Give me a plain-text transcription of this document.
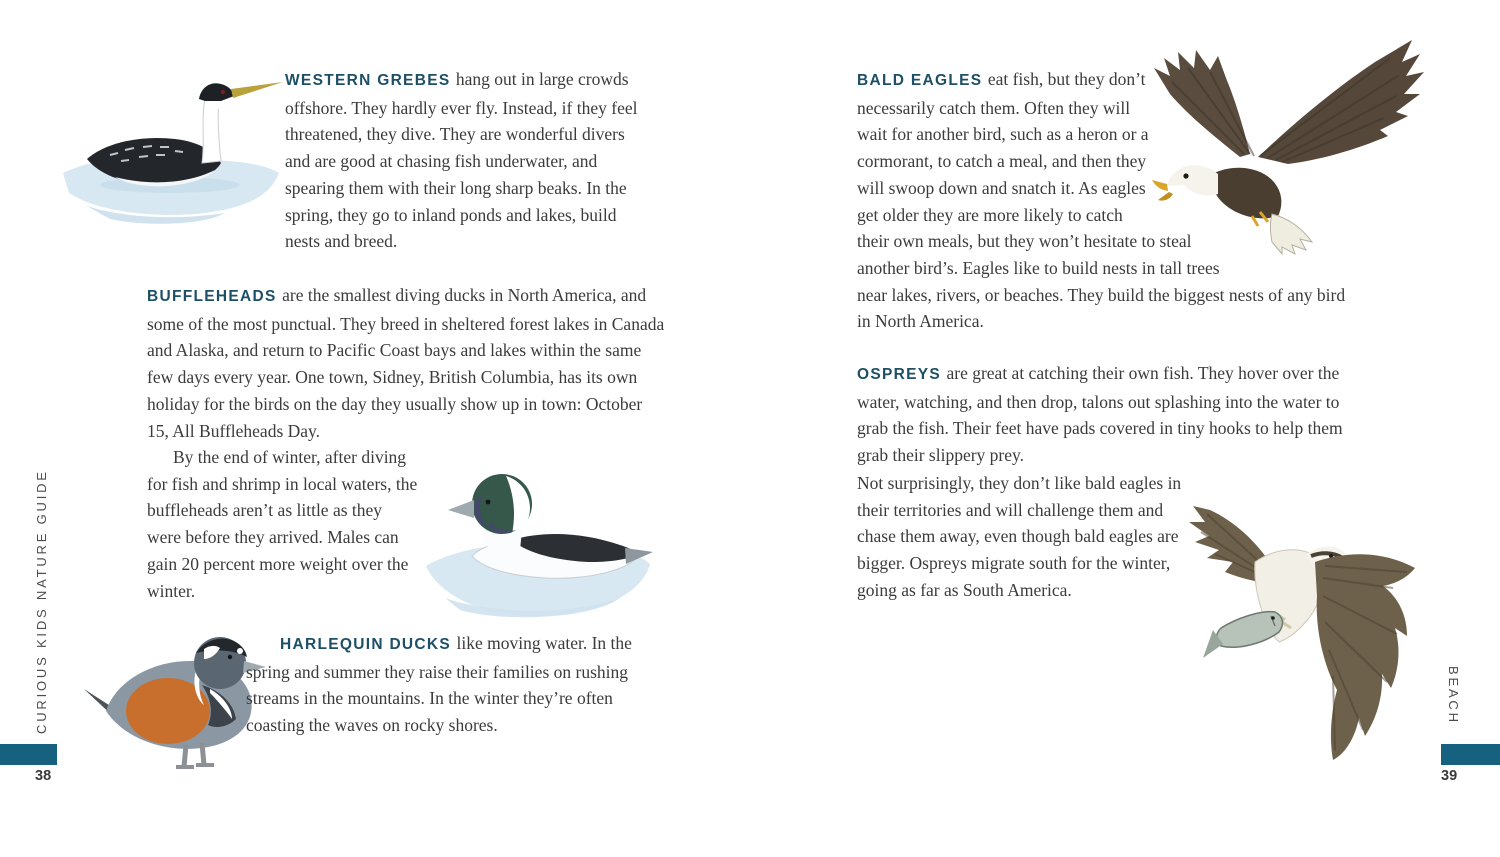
WESTERN GREBES hang out in large crowds offshore. They hardly ever fly. Instead, if they feel threatened, they dive. They are wonderful divers and are good at chasing fish underwater, and spearing them with their long sharp beaks. In the spring, they go to inland ponds and lakes, build nests and breed.
BUFFLEHEADS are the smallest diving ducks in North America, and some of the most punctual. They breed in sheltered forest lakes in Canada and Alaska, and return to Pacific Coast bays and lakes within the same few days every year. One town, Sidney, British Columbia, has its own holiday for the birds on the day they usually show up in town: October 15, All Buffleheads Day.
By the end of winter, after diving for fish and shrimp in local waters, the buffleheads aren’t as little as they were before they arrived. Males can gain 20 percent more weight over the winter.
HARLEQUIN DUCKS like moving water. In the spring and summer they raise their families on rushing streams in the mountains. In the winter they’re often coasting the waves on rocky shores.
CURIOUS KIDS NATURE GUIDE
38
BALD EAGLES eat fish, but they don’t necessarily catch them. Often they will wait for another bird, such as a heron or a cormorant, to catch a meal, and then they will swoop down and snatch it. As eagles get older they are more likely to catch their own meals, but they won’t hesitate to steal another bird’s. Eagles like to build nests in tall trees near lakes, rivers, or beaches. They build the biggest nests of any bird in North America.
OSPREYS are great at catching their own fish. They hover over the water, watching, and then drop, talons out splashing into the water to grab the fish. Their feet have pads covered in tiny hooks to help them grab their slippery prey.
Not surprisingly, they don’t like bald eagles in their territories and will challenge them and chase them away, even though bald eagles are bigger. Ospreys migrate south for the winter, going as far as South America.
BEACH
39
